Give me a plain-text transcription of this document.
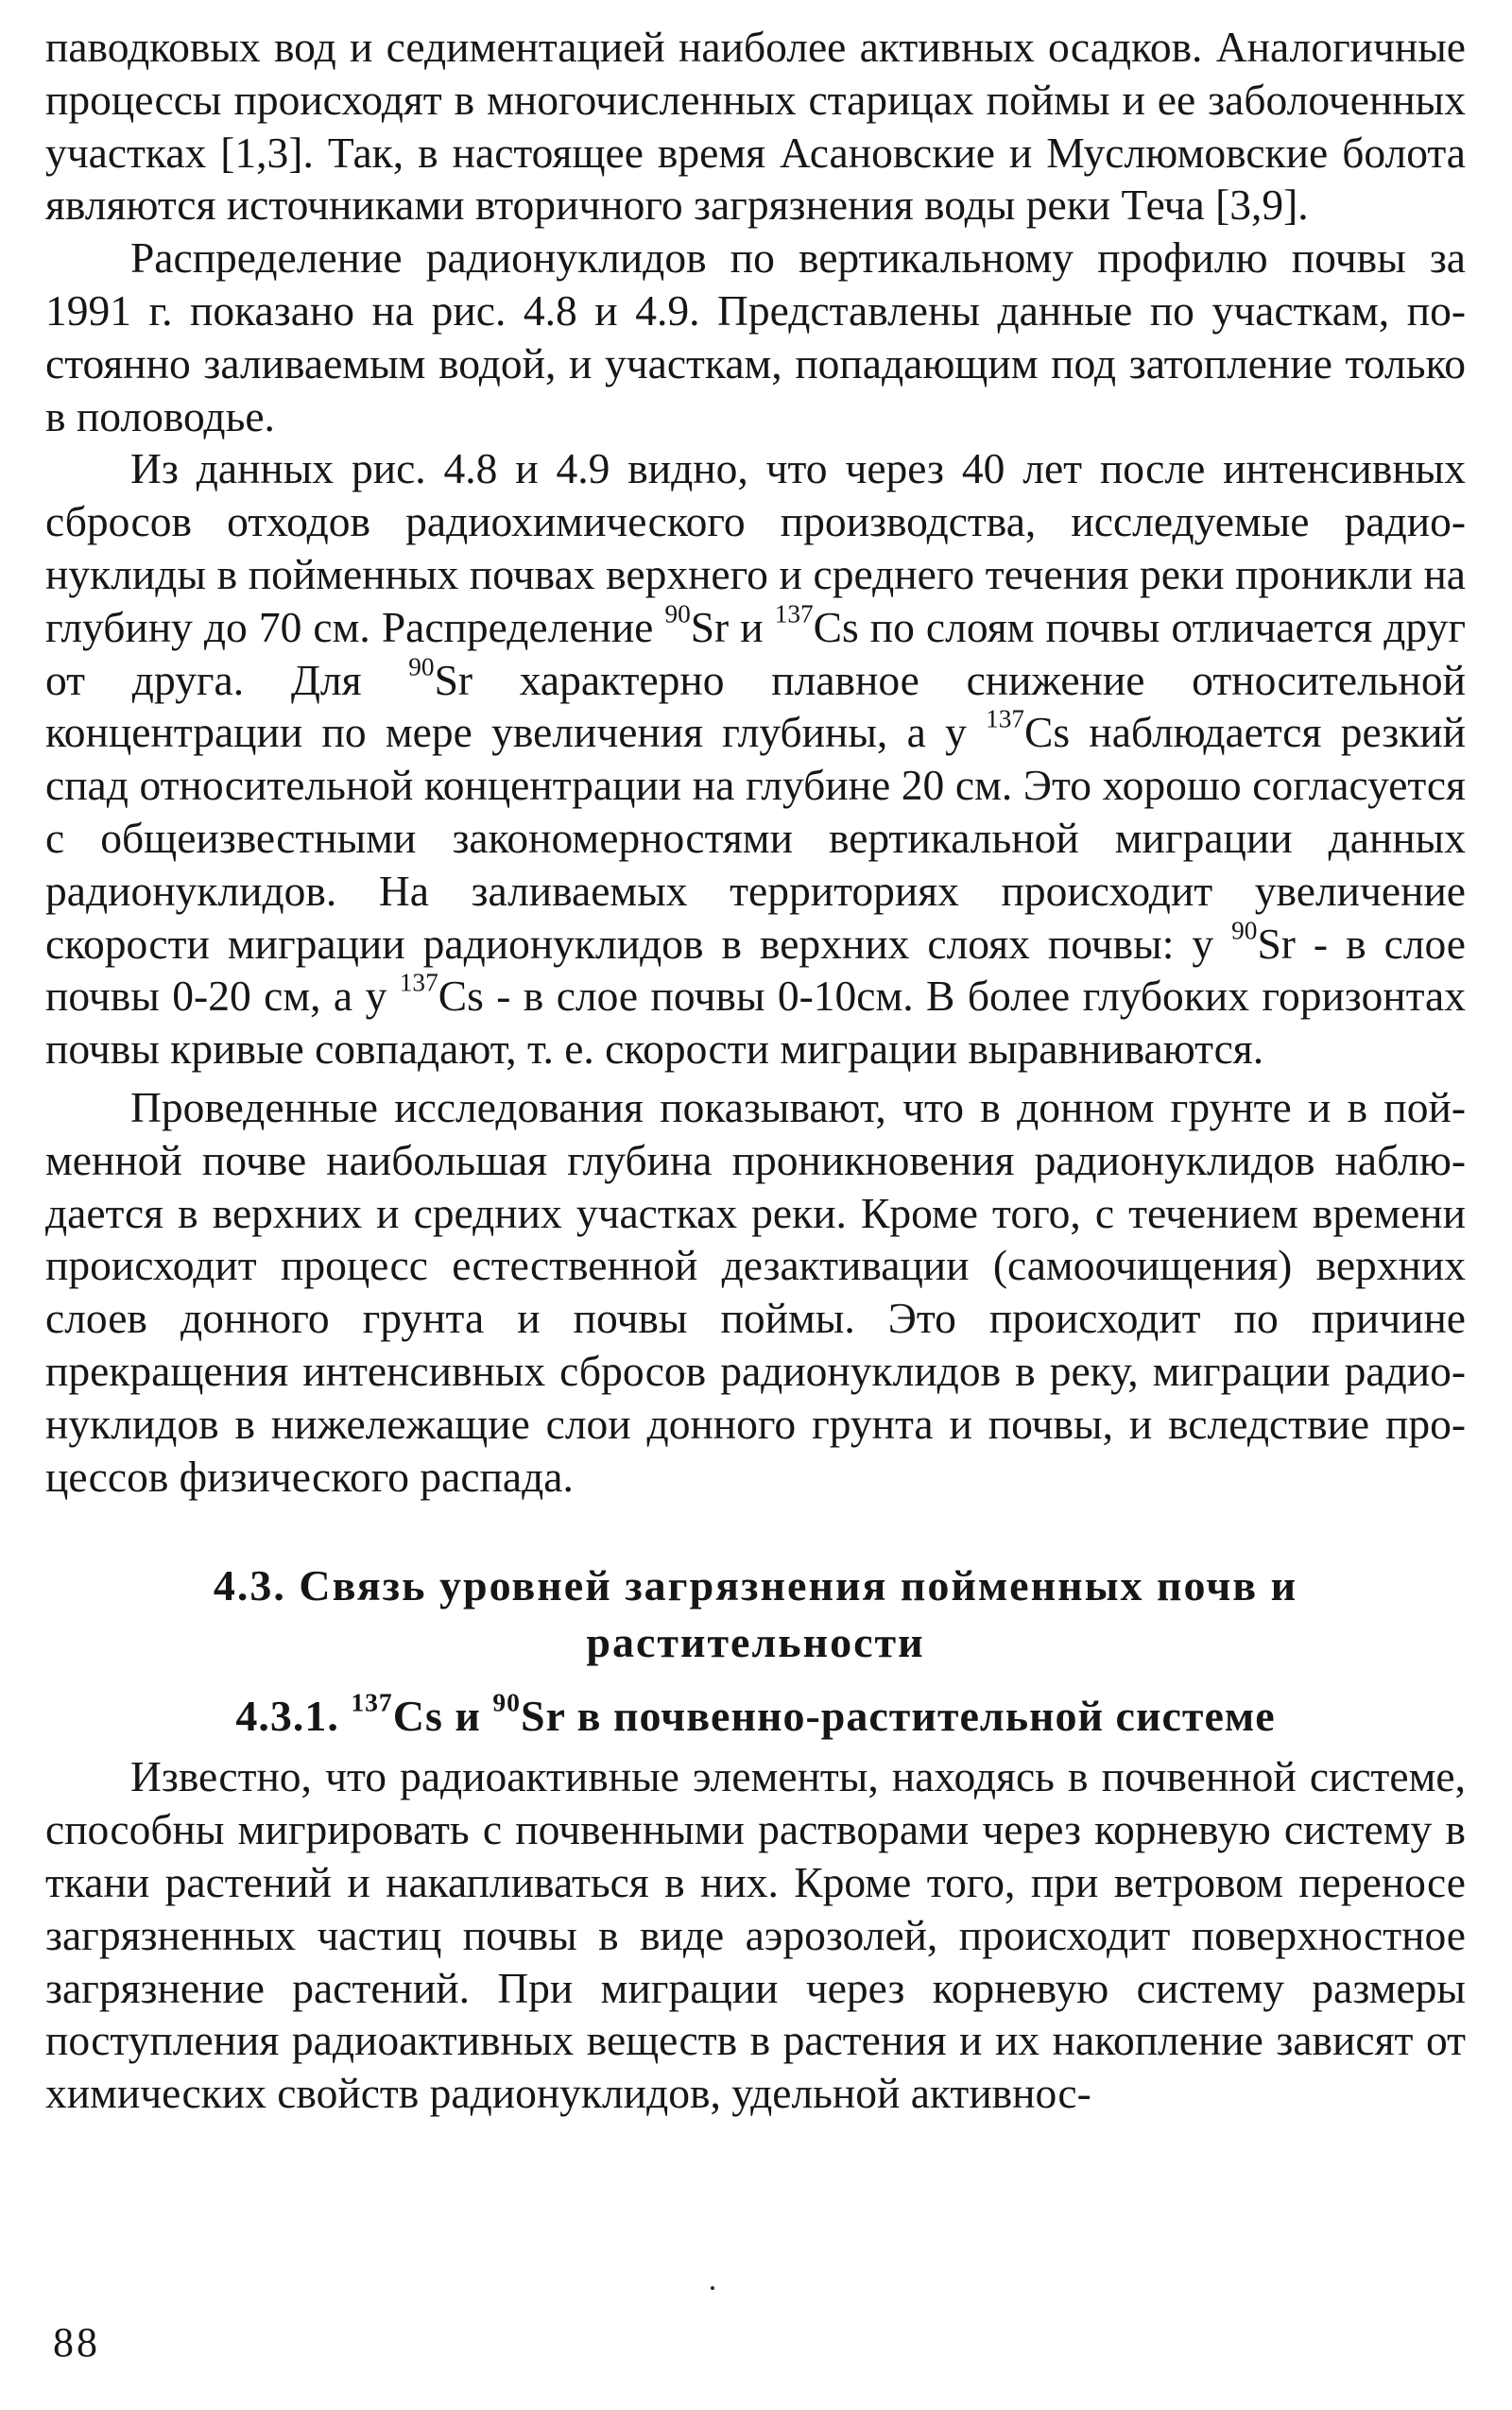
паводковых вод и седиментацией наиболее активных осадков. Аналогичные процессы происходят в многочисленных старицах поймы и ее заболоченных участках [1,3]. Так, в настоящее время Асановские и Муслюмовские болота являются источниками вторичного загрязнения воды реки Теча [3,9].

Распределение радионуклидов по вертикальному профилю почвы за 1991 г. показано на рис. 4.8 и 4.9. Представлены данные по участкам, постоянно заливаемым водой, и участкам, попадающим под затопление только в половодье.

Из данных рис. 4.8 и 4.9 видно, что через 40 лет после интенсивных сбросов отходов радиохимического производства, исследуемые радионуклиды в пойменных почвах верхнего и среднего течения реки проникли на глубину до 70 см. Распределение $^{90}$Sr и $^{137}$Cs по слоям почвы отличается друг от друга. Для $^{90}$Sr характерно плавное снижение относительной концентрации по мере увеличения глубины, а у $^{137}$Cs наблюдается резкий спад относительной концентрации на глубине 20 см. Это хорошо согласуется с общеизвестными закономерностями вертикальной миграции данных радионуклидов. На заливаемых территориях происходит увеличение скорости миграции радионуклидов в верхних слоях почвы: у $^{90}$Sr - в слое почвы 0-20 см, а у $^{137}$Cs - в слое почвы 0-10см. В более глубоких горизонтах почвы кривые совпадают, т. е. скорости миграции выравниваются.

Проведенные исследования показывают, что в донном грунте и в пойменной почве наибольшая глубина проникновения радионуклидов наблюдается в верхних и средних участках реки. Кроме того, с течением времени происходит процесс естественной дезактивации (самоочищения) верхних слоев донного грунта и почвы поймы. Это происходит по причине прекращения интенсивных сбросов радионуклидов в реку, миграции радионуклидов в нижележащие слои донного грунта и почвы, и вследствие процессов физического распада.

4.3. Связь уровней загрязнения пойменных почв и
растительности
4.3.1. $^{137}$Cs и $^{90}$Sr в почвенно-растительной системе

Известно, что радиоактивные элементы, находясь в почвенной системе, способны мигрировать с почвенными растворами через корневую систему в ткани растений и накапливаться в них. Кроме того, при ветровом переносе загрязненных частиц почвы в виде аэрозолей, происходит поверхностное загрязнение растений. При миграции через корневую систему размеры поступления радиоактивных веществ в растения и их накопление зависят от химических свойств радионуклидов, удельной активнос-

88
